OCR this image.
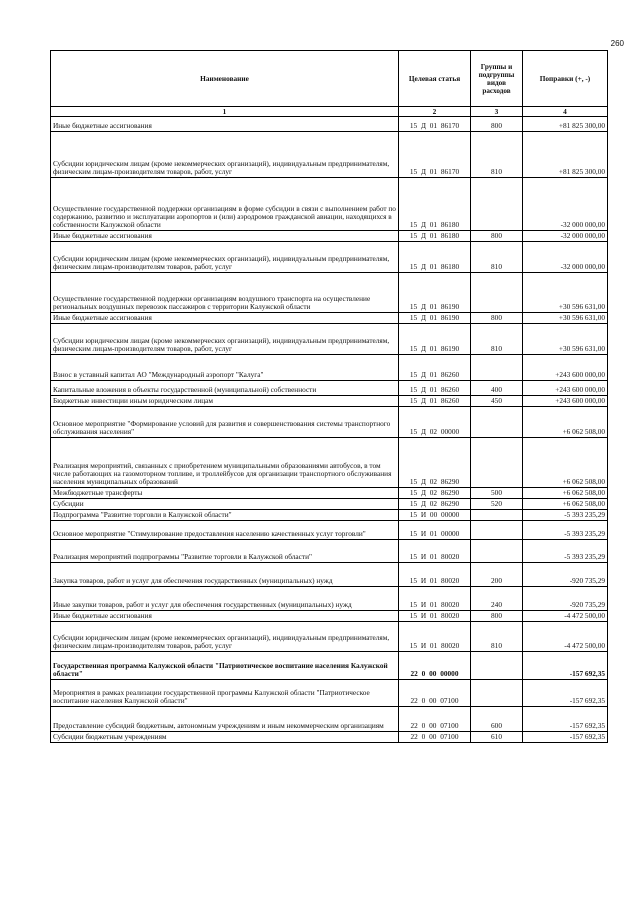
260
Наименование	Целевая статья	Группы и подгруппы видов расходов	Поправки (+, -)
1	2	3	4
Иные бюджетные ассигнования	15 Д 01 86170	800	+81 825 300,00
Субсидии юридическим лицам (кроме некоммерческих организаций), индивидуальным предпринимателям, физическим лицам-производителям товаров, работ, услуг	15 Д 01 86170	810	+81 825 300,00
Осуществление государственной поддержки организациям в форме субсидии в связи с выполнением работ по содержанию, развитию и эксплуатации аэропортов и (или) аэродромов гражданской авиации, находящихся в собственности Калужской области	15 Д 01 86180		-32 000 000,00
Иные бюджетные ассигнования	15 Д 01 86180	800	-32 000 000,00
Субсидии юридическим лицам (кроме некоммерческих организаций), индивидуальным предпринимателям, физическим лицам-производителям товаров, работ, услуг	15 Д 01 86180	810	-32 000 000,00
Осуществление государственной поддержки организациям воздушного транспорта на осуществление региональных воздушных перевозок пассажиров с территории Калужской области	15 Д 01 86190		+30 596 631,00
Иные бюджетные ассигнования	15 Д 01 86190	800	+30 596 631,00
Субсидии юридическим лицам (кроме некоммерческих организаций), индивидуальным предпринимателям, физическим лицам-производителям товаров, работ, услуг	15 Д 01 86190	810	+30 596 631,00
Взнос в уставный капитал АО "Международный аэропорт "Калуга"	15 Д 01 86260		+243 600 000,00
Капитальные вложения в объекты государственной (муниципальной) собственности	15 Д 01 86260	400	+243 600 000,00
Бюджетные инвестиции иным юридическим лицам	15 Д 01 86260	450	+243 600 000,00
Основное мероприятие "Формирование условий для развития и совершенствования системы транспортного обслуживания населения"	15 Д 02 00000		+6 062 508,00
Реализация мероприятий, связанных с приобретением муниципальными образованиями автобусов, в том числе работающих на газомоторном топливе, и троллейбусов для организации транспортного обслуживания населения муниципальных образований	15 Д 02 86290		+6 062 508,00
Межбюджетные трансферты	15 Д 02 86290	500	+6 062 508,00
Субсидии	15 Д 02 86290	520	+6 062 508,00
Подпрограмма "Развитие торговли в Калужской области"	15 И 00 00000		-5 393 235,29
Основное мероприятие "Стимулирование предоставления населению качественных услуг торговли"	15 И 01 00000		-5 393 235,29
Реализация мероприятий подпрограммы "Развитие торговли в Калужской области"	15 И 01 80020		-5 393 235,29
Закупка товаров, работ и услуг для обеспечения государственных (муниципальных) нужд	15 И 01 80020	200	-920 735,29
Иные закупки товаров, работ и услуг для обеспечения государственных (муниципальных) нужд	15 И 01 80020	240	-920 735,29
Иные бюджетные ассигнования	15 И 01 80020	800	-4 472 500,00
Субсидии юридическим лицам (кроме некоммерческих организаций), индивидуальным предпринимателям, физическим лицам-производителям товаров, работ, услуг	15 И 01 80020	810	-4 472 500,00
Государственная программа Калужской области "Патриотическое воспитание населения Калужской области"	22 0 00 00000		-157 692,35
Мероприятия в рамках реализации государственной программы Калужской области "Патриотическое воспитание населения Калужской области"	22 0 00 07100		-157 692,35
Предоставление субсидий бюджетным, автономным учреждениям и иным некоммерческим организациям	22 0 00 07100	600	-157 692,35
Субсидии бюджетным учреждениям	22 0 00 07100	610	-157 692,35
